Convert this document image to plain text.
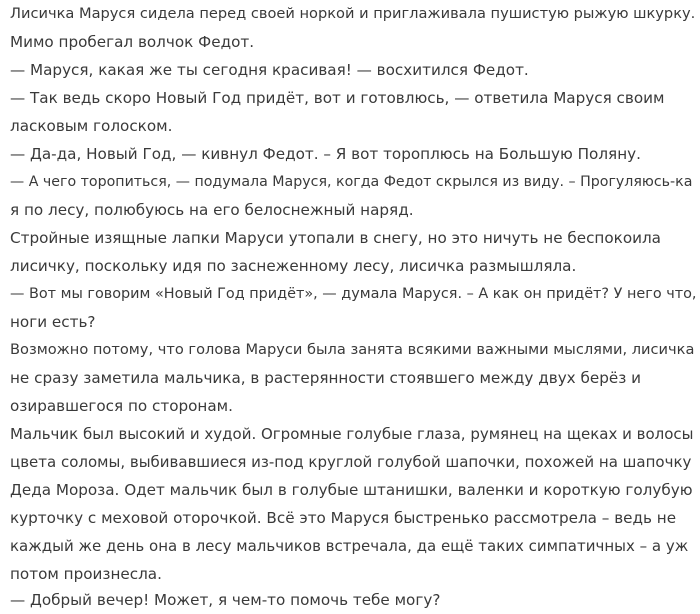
Лисичка Маруся сидела перед своей норкой и приглаживала пушистую рыжую шкурку.

Мимо пробегал волчок Федот.

— Маруся, какая же ты сегодня красивая! — восхитился Федот.

— Так ведь скоро Новый Год придёт, вот и готовлюсь, — ответила Маруся своим

ласковым голоском.

— Да-да, Новый Год, — кивнул Федот. – Я вот тороплюсь на Большую Поляну.

— А чего торопиться, — подумала Маруся, когда Федот скрылся из виду. – Прогуляюсь-ка

я по лесу, полюбуюсь на его белоснежный наряд.

Стройные изящные лапки Маруси утопали в снегу, но это ничуть не беспокоила

лисичку, поскольку идя по заснеженному лесу, лисичка размышляла.

— Вот мы говорим «Новый Год придёт», — думала Маруся. – А как он придёт? У него что,

ноги есть?

Возможно потому, что голова Маруси была занята всякими важными мыслями, лисичка

не сразу заметила мальчика, в растерянности стоявшего между двух берёз и

озиравшегося по сторонам.

Мальчик был высокий и худой. Огромные голубые глаза, румянец на щеках и волосы

цвета соломы, выбивавшиеся из-под круглой голубой шапочки, похожей на шапочку

Деда Мороза. Одет мальчик был в голубые штанишки, валенки и короткую голубую

курточку с меховой оторочкой. Всё это Маруся быстренько рассмотрела – ведь не

каждый же день она в лесу мальчиков встречала, да ещё таких симпатичных – а уж

потом произнесла.

— Добрый вечер! Может, я чем-то помочь тебе могу?
